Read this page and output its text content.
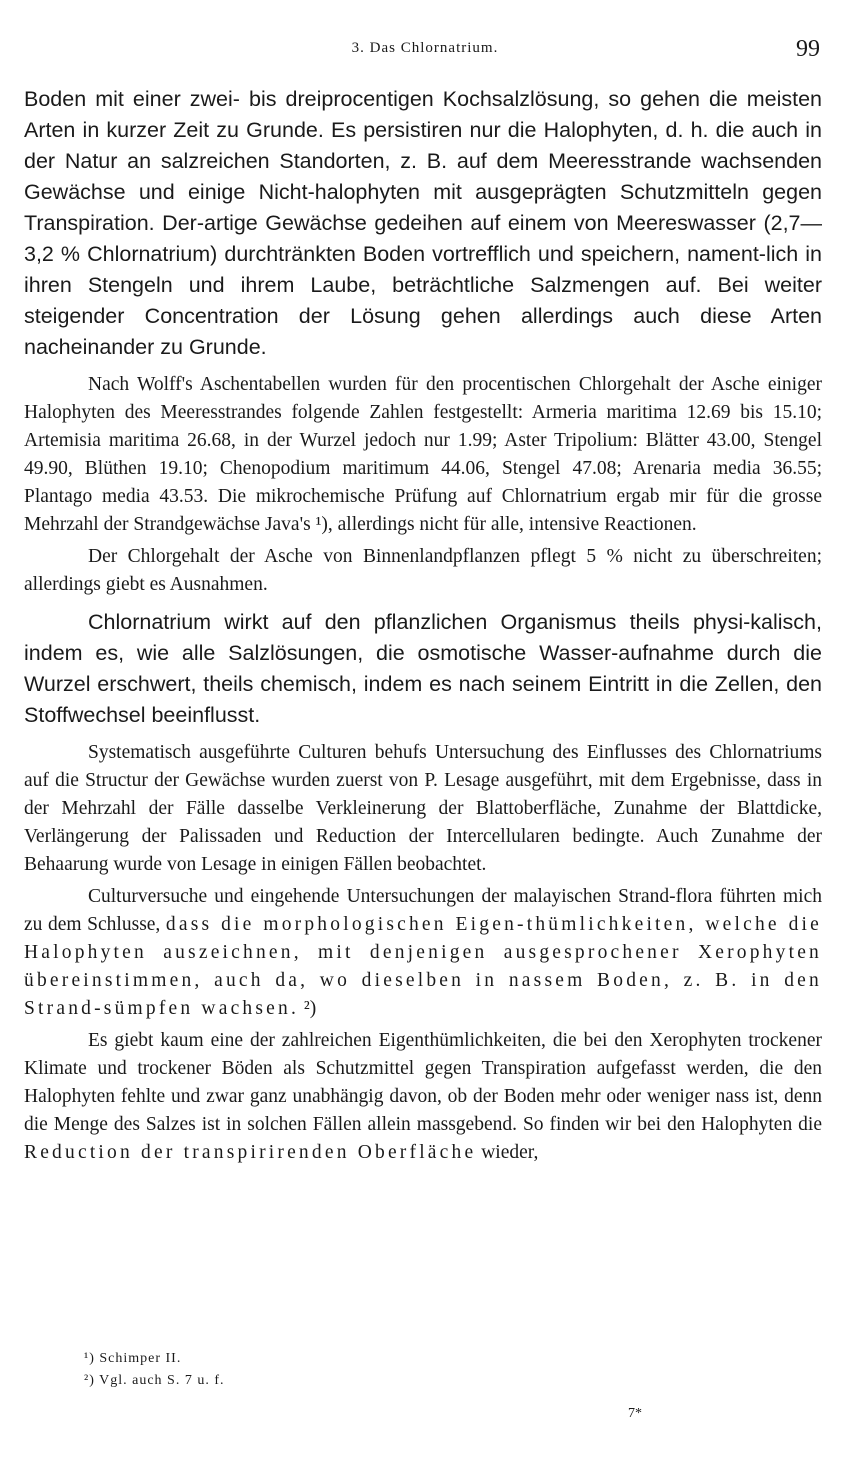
3. Das Chlornatrium.	99

Boden mit einer zwei- bis dreiprocentigen Kochsalzlösung, so gehen die meisten Arten in kurzer Zeit zu Grunde. Es persistiren nur die Halophyten, d. h. die auch in der Natur an salzreichen Standorten, z. B. auf dem Meeresstrande wachsenden Gewächse und einige Nicht-halophyten mit ausgeprägten Schutzmitteln gegen Transpiration. Der-artige Gewächse gedeihen auf einem von Meereswasser (2,7—3,2 % Chlornatrium) durchtränkten Boden vortrefflich und speichern, nament-lich in ihren Stengeln und ihrem Laube, beträchtliche Salzmengen auf. Bei weiter steigender Concentration der Lösung gehen allerdings auch diese Arten nacheinander zu Grunde.

Nach Wolff's Aschentabellen wurden für den procentischen Chlorgehalt der Asche einiger Halophyten des Meeresstrandes folgende Zahlen festgestellt: Armeria maritima 12.69 bis 15.10; Artemisia maritima 26.68, in der Wurzel jedoch nur 1.99; Aster Tripolium: Blätter 43.00, Stengel 49.90, Blüthen 19.10; Chenopodium maritimum 44.06, Stengel 47.08; Arenaria media 36.55; Plantago media 43.53. Die mikrochemische Prüfung auf Chlornatrium ergab mir für die grosse Mehrzahl der Strandgewächse Java's ¹), allerdings nicht für alle, intensive Reactionen.

Der Chlorgehalt der Asche von Binnenlandpflanzen pflegt 5 % nicht zu überschreiten; allerdings giebt es Ausnahmen.

Chlornatrium wirkt auf den pflanzlichen Organismus theils physi-kalisch, indem es, wie alle Salzlösungen, die osmotische Wasser-aufnahme durch die Wurzel erschwert, theils chemisch, indem es nach seinem Eintritt in die Zellen, den Stoffwechsel beeinflusst.

Systematisch ausgeführte Culturen behufs Untersuchung des Einflusses des Chlornatriums auf die Structur der Gewächse wurden zuerst von P. Lesage ausgeführt, mit dem Ergebnisse, dass in der Mehrzahl der Fälle dasselbe Verkleinerung der Blattoberfläche, Zunahme der Blattdicke, Verlängerung der Palissaden und Reduction der Intercellularen bedingte. Auch Zunahme der Behaarung wurde von Lesage in einigen Fällen beobachtet.

Culturversuche und eingehende Untersuchungen der malayischen Strand-flora führten mich zu dem Schlusse, dass die morphologischen Eigen-thümlichkeiten, welche die Halophyten auszeichnen, mit denjenigen ausgesprochener Xerophyten übereinstimmen, auch da, wo dieselben in nassem Boden, z. B. in den Strand-sümpfen wachsen. ²)

Es giebt kaum eine der zahlreichen Eigenthümlichkeiten, die bei den Xerophyten trockener Klimate und trockener Böden als Schutzmittel gegen Transpiration aufgefasst werden, die den Halophyten fehlte und zwar ganz unabhängig davon, ob der Boden mehr oder weniger nass ist, denn die Menge des Salzes ist in solchen Fällen allein massgebend. So finden wir bei den Halophyten die Reduction der transpirirenden Oberfläche wieder,

¹) Schimper II.
²) Vgl. auch S. 7 u. f.
7*
